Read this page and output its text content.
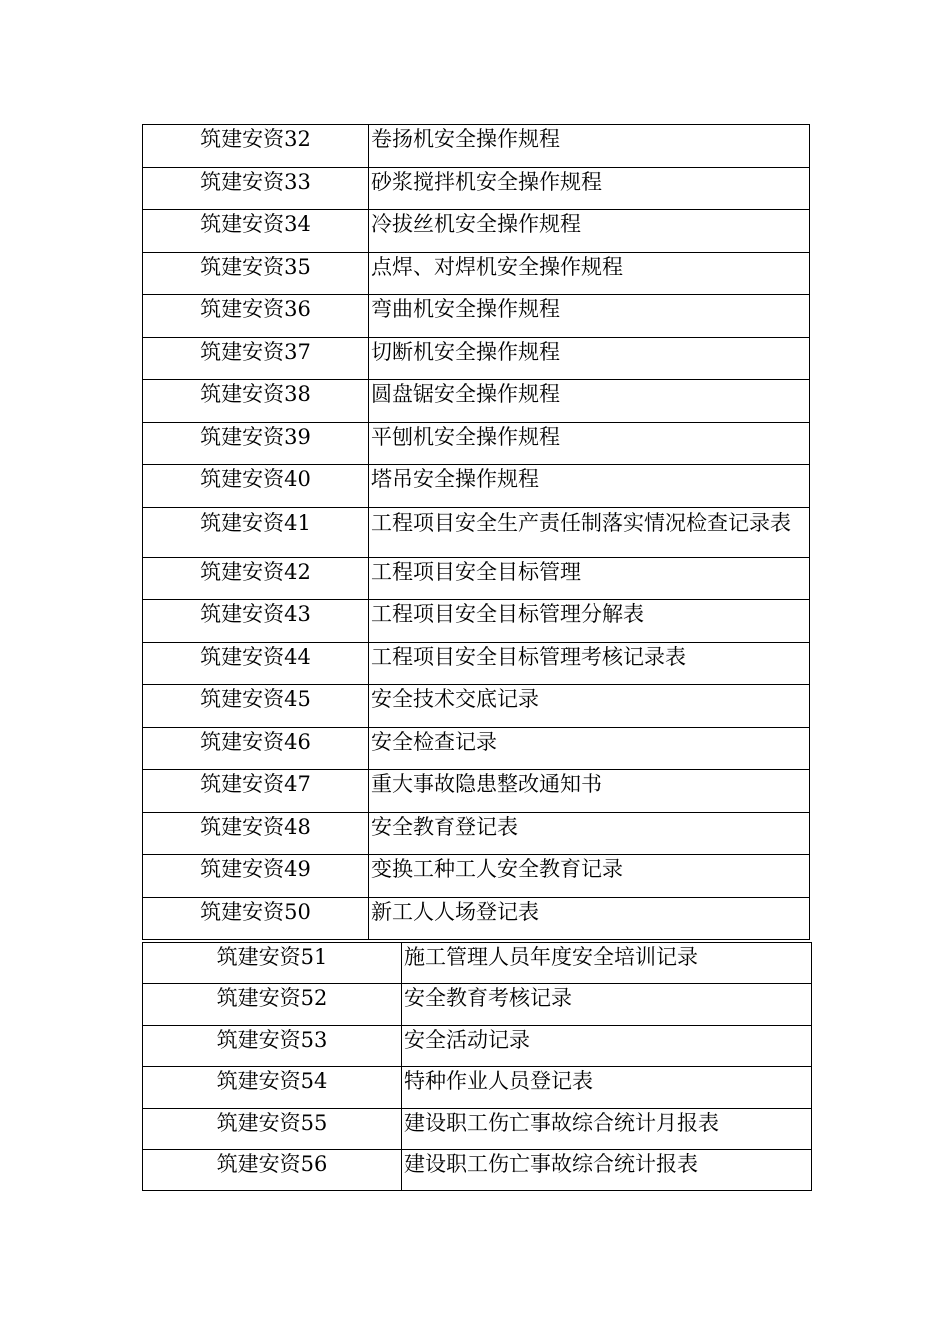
筑建安资32	卷扬机安全操作规程
筑建安资33	砂浆搅拌机安全操作规程
筑建安资34	冷拔丝机安全操作规程
筑建安资35	点焊、对焊机安全操作规程
筑建安资36	弯曲机安全操作规程
筑建安资37	切断机安全操作规程
筑建安资38	圆盘锯安全操作规程
筑建安资39	平刨机安全操作规程
筑建安资40	塔吊安全操作规程
筑建安资41	工程项目安全生产责任制落实情况检查记录表
筑建安资42	工程项目安全目标管理
筑建安资43	工程项目安全目标管理分解表
筑建安资44	工程项目安全目标管理考核记录表
筑建安资45	安全技术交底记录
筑建安资46	安全检查记录
筑建安资47	重大事故隐患整改通知书
筑建安资48	安全教育登记表
筑建安资49	变换工种工人安全教育记录
筑建安资50	新工人人场登记表
筑建安资51	施工管理人员年度安全培训记录
筑建安资52	安全教育考核记录
筑建安资53	安全活动记录
筑建安资54	特种作业人员登记表
筑建安资55	建设职工伤亡事故综合统计月报表
筑建安资56	建设职工伤亡事故综合统计报表
